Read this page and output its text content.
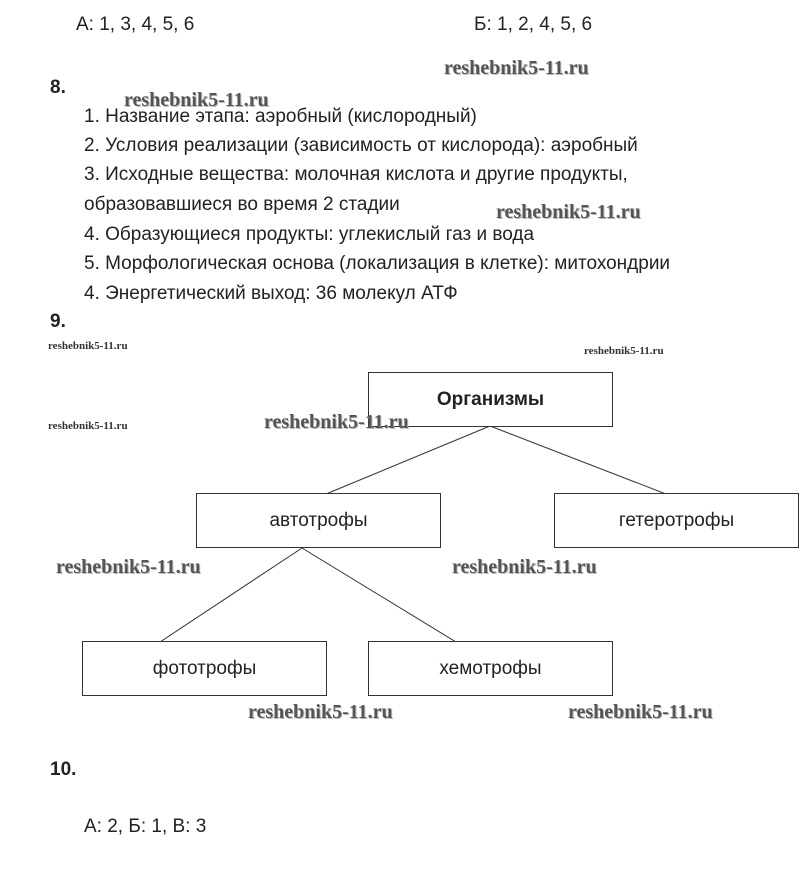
А: 1, 3, 4, 5, 6	Б: 1, 2, 4, 5, 6
8.
1. Название этапа: аэробный (кислородный)
2. Условия реализации (зависимость от кислорода): аэробный
3. Исходные вещества: молочная кислота и другие продукты,
образовавшиеся во время 2 стадии
4. Образующиеся продукты: углекислый газ и вода
5. Морфологическая основа (локализация в клетке): митохондрии
4. Энергетический выход: 36 молекул АТФ
9.
Организмы
автотрофы	гетеротрофы
фототрофы	хемотрофы
10.
А: 2, Б: 1, В: 3
reshebnik5-11.ru
reshebnik5-11.ru
reshebnik5-11.ru
reshebnik5-11.ru	reshebnik5-11.ru
reshebnik5-11.ru	reshebnik5-11.ru
reshebnik5-11.ru	reshebnik5-11.ru
reshebnik5-11.ru	reshebnik5-11.ru
